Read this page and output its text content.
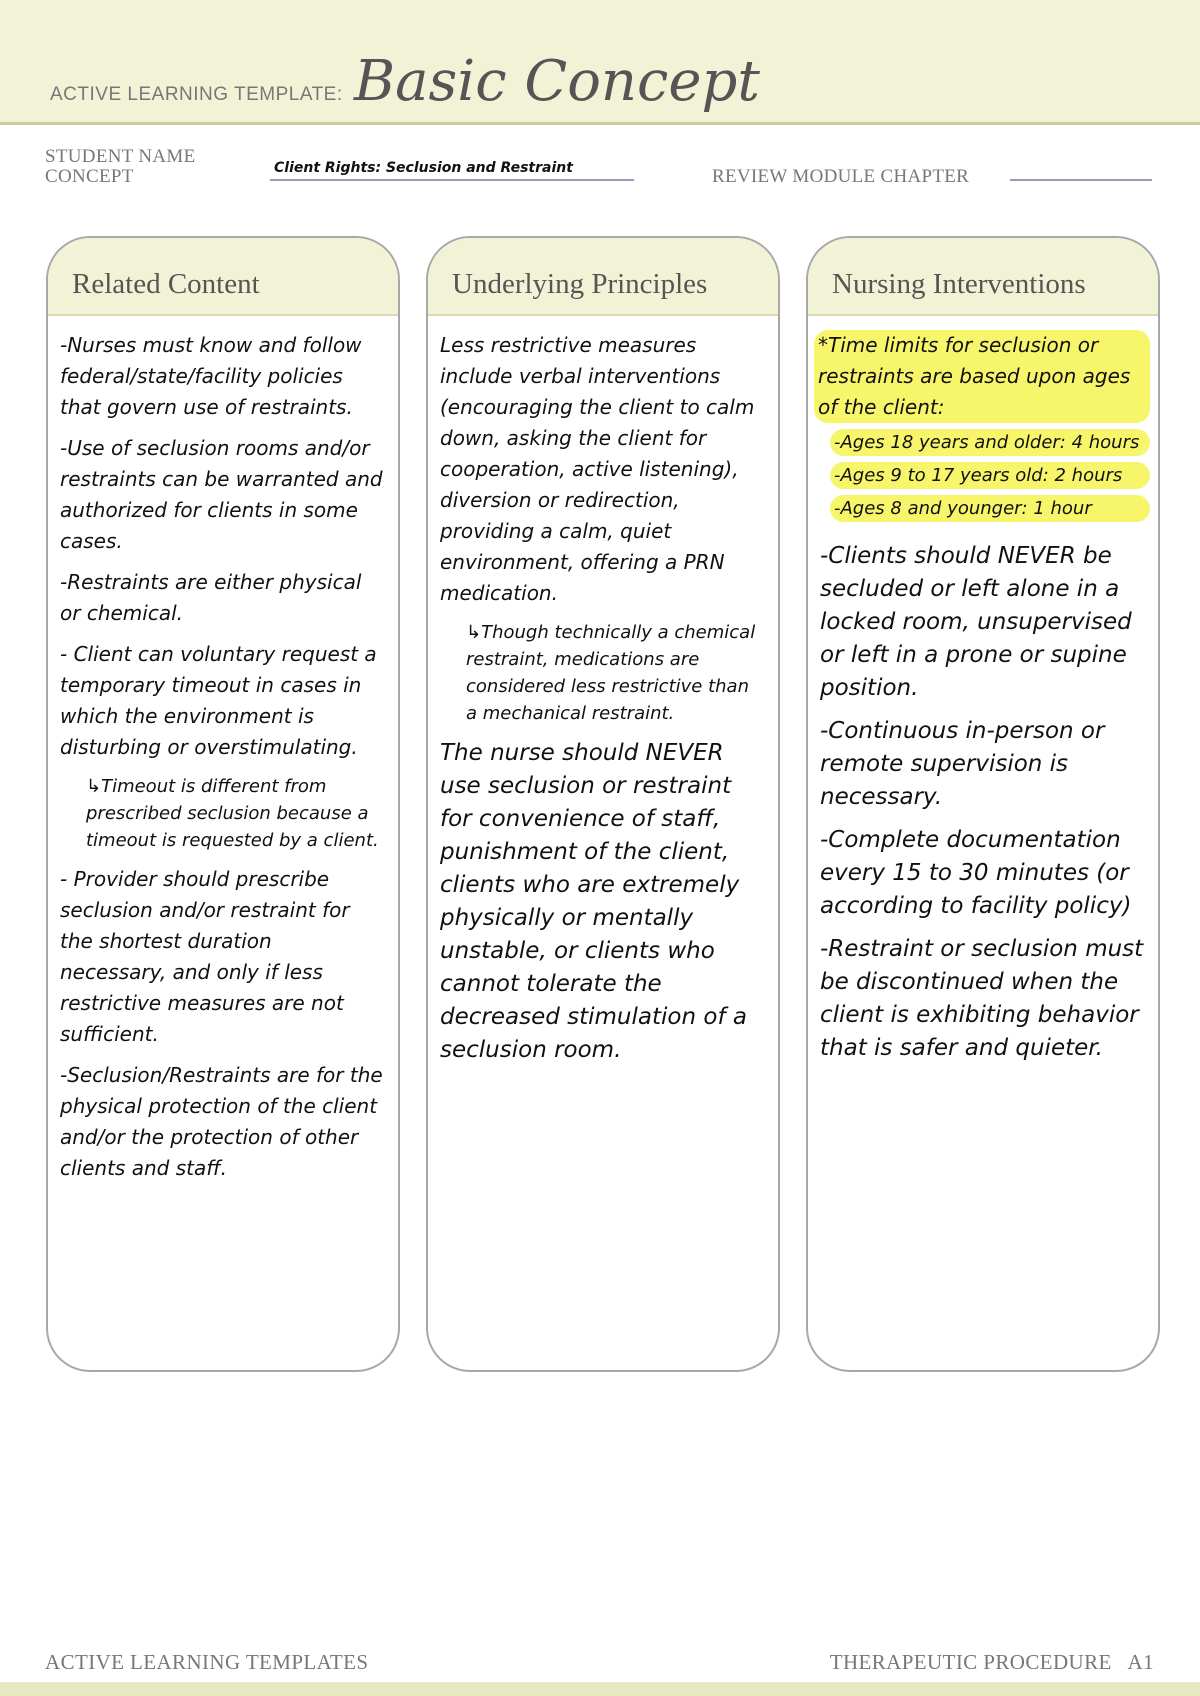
ACTIVE LEARNING TEMPLATE: Basic Concept
STUDENT NAME
CONCEPT	Client Rights: Seclusion and Restraint	REVIEW MODULE CHAPTER
Related Content

-Nurses must know and follow federal/state/facility policies that govern use of restraints.

-Use of seclusion rooms and/or restraints can be warranted and authorized for clients in some cases.

-Restraints are either physical or chemical.

- Client can voluntary request a temporary timeout in cases in which the environment is disturbing or overstimulating.

↳Timeout is different from prescribed seclusion because a timeout is requested by a client.

- Provider should prescribe seclusion and/or restraint for the shortest duration necessary, and only if less restrictive measures are not sufficient.

-Seclusion/Restraints are for the physical protection of the client and/or the protection of other clients and staff.

Underlying Principles

Less restrictive measures include verbal interventions (encouraging the client to calm down, asking the client for cooperation, active listening), diversion or redirection, providing a calm, quiet environment, offering a PRN medication.

↳Though technically a chemical restraint, medications are considered less restrictive than a mechanical restraint.

The nurse should NEVER use seclusion or restraint for convenience of staff, punishment of the client, clients who are extremely physically or mentally unstable, or clients who cannot tolerate the decreased stimulation of a seclusion room.

Nursing Interventions

*Time limits for seclusion or restraints are based upon ages of the client:

-Ages 18 years and older: 4 hours

-Ages 9 to 17 years old: 2 hours

-Ages 8 and younger: 1 hour

-Clients should NEVER be secluded or left alone in a locked room, unsupervised or left in a prone or supine position.

-Continuous in-person or remote supervision is necessary.

-Complete documentation every 15 to 30 minutes (or according to facility policy)

-Restraint or seclusion must be discontinued when the client is exhibiting behavior that is safer and quieter.

ACTIVE LEARNING TEMPLATES	THERAPEUTIC PROCEDURE   A1
